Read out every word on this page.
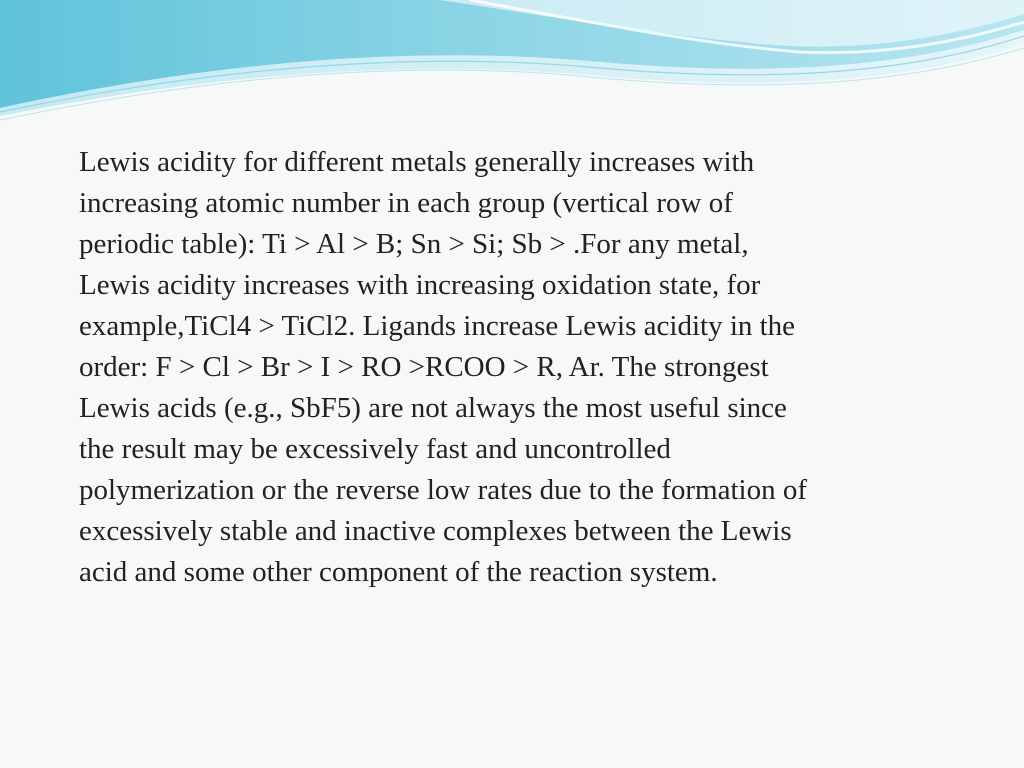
Lewis acidity for different metals generally increases with
increasing atomic number in each group (vertical row of
periodic table): Ti > Al > B; Sn > Si; Sb > .For any metal,
Lewis acidity increases with increasing oxidation state, for
example,TiCl4 > TiCl2. Ligands increase Lewis acidity in the
order: F > Cl > Br > I > RO >RCOO > R, Ar. The strongest
Lewis acids (e.g., SbF5) are not always the most useful since
the result may be excessively fast and uncontrolled
polymerization or the reverse low rates due to the formation of
excessively stable and inactive complexes between the Lewis
acid and some other component of the reaction system.
